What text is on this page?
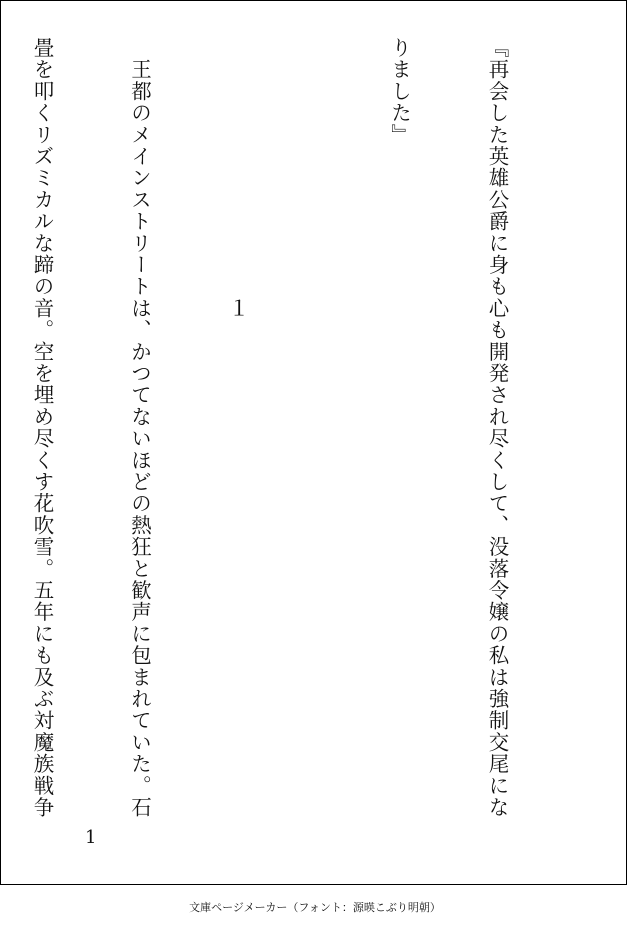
『再会した英雄公爵に身も心も開発され尽くして、没落令嬢の私は強制交尾にな

りました』

　　　　　　　　　　　　１

　王都のメインストリートは、かつてないほどの熱狂と歓声に包まれていた。石

畳を叩くリズミカルな蹄の音。空を埋め尽くす花吹雪。五年にも及ぶ対魔族戦争

1
文庫ページメーカー（フォント：源暎こぶり明朝）
